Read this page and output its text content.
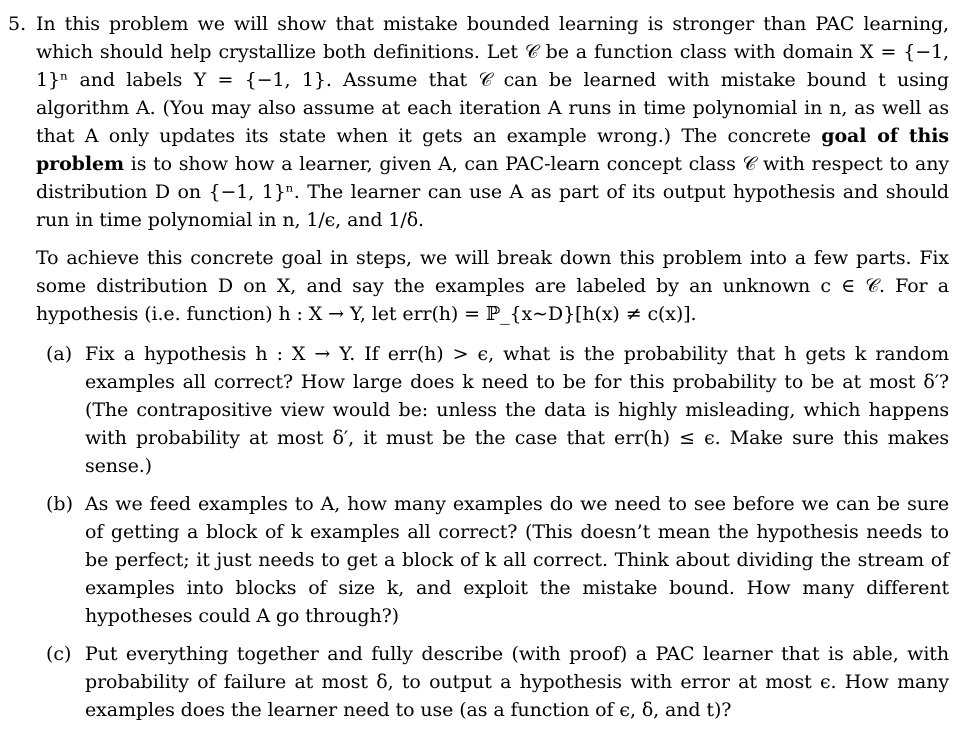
5. In this problem we will show that mistake bounded learning is stronger than PAC learning, which should help crystallize both definitions. Let 𝒞 be a function class with domain X = {−1, 1}ⁿ and labels Y = {−1, 1}. Assume that 𝒞 can be learned with mistake bound t using algorithm A. (You may also assume at each iteration A runs in time polynomial in n, as well as that A only updates its state when it gets an example wrong.) The concrete goal of this problem is to show how a learner, given A, can PAC-learn concept class 𝒞 with respect to any distribution D on {−1, 1}ⁿ. The learner can use A as part of its output hypothesis and should run in time polynomial in n, 1/ϵ, and 1/δ.

To achieve this concrete goal in steps, we will break down this problem into a few parts. Fix some distribution D on X, and say the examples are labeled by an unknown c ∈ 𝒞. For a hypothesis (i.e. function) h : X → Y, let err(h) = ℙ_{x∼D}[h(x) ≠ c(x)].

(a) Fix a hypothesis h : X → Y. If err(h) > ϵ, what is the probability that h gets k random examples all correct? How large does k need to be for this probability to be at most δ′? (The contrapositive view would be: unless the data is highly misleading, which happens with probability at most δ′, it must be the case that err(h) ≤ ϵ. Make sure this makes sense.)

(b) As we feed examples to A, how many examples do we need to see before we can be sure of getting a block of k examples all correct? (This doesn’t mean the hypothesis needs to be perfect; it just needs to get a block of k all correct. Think about dividing the stream of examples into blocks of size k, and exploit the mistake bound. How many different hypotheses could A go through?)

(c) Put everything together and fully describe (with proof) a PAC learner that is able, with probability of failure at most δ, to output a hypothesis with error at most ϵ. How many examples does the learner need to use (as a function of ϵ, δ, and t)?
